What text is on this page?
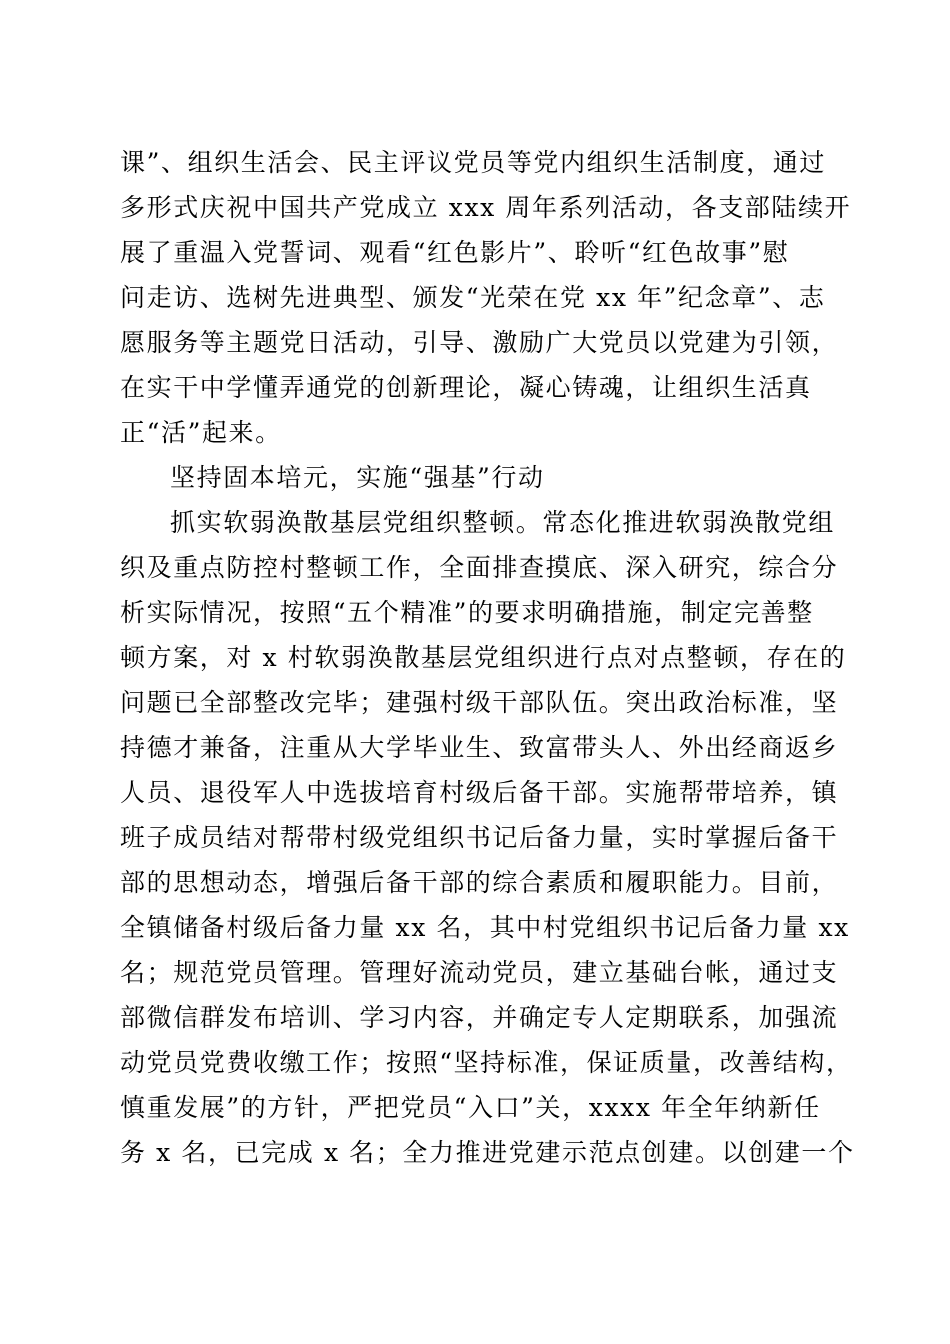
课”、组织生活会、民主评议党员等党内组织生活制度，通过
多形式庆祝中国共产党成立 xxx 周年系列活动，各支部陆续开
展了重温入党誓词、观看“红色影片”、聆听“红色故事”慰
问走访、选树先进典型、颁发“光荣在党 xx 年”纪念章”、志
愿服务等主题党日活动，引导、激励广大党员以党建为引领，
在实干中学懂弄通党的创新理论，凝心铸魂，让组织生活真
正“活”起来。
坚持固本培元，实施“强基”行动
抓实软弱涣散基层党组织整顿。常态化推进软弱涣散党组
织及重点防控村整顿工作，全面排查摸底、深入研究，综合分
析实际情况，按照“五个精准”的要求明确措施，制定完善整
顿方案，对 x 村软弱涣散基层党组织进行点对点整顿，存在的
问题已全部整改完毕；建强村级干部队伍。突出政治标准，坚
持德才兼备，注重从大学毕业生、致富带头人、外出经商返乡
人员、退役军人中选拔培育村级后备干部。实施帮带培养，镇
班子成员结对帮带村级党组织书记后备力量，实时掌握后备干
部的思想动态，增强后备干部的综合素质和履职能力。目前，
全镇储备村级后备力量 xx 名，其中村党组织书记后备力量 xx
名；规范党员管理。管理好流动党员，建立基础台帐，通过支
部微信群发布培训、学习内容，并确定专人定期联系，加强流
动党员党费收缴工作；按照“坚持标准，保证质量，改善结构，
慎重发展”的方针，严把党员“入口”关，xxxx 年全年纳新任
务 x 名，已完成 x 名；全力推进党建示范点创建。以创建一个
